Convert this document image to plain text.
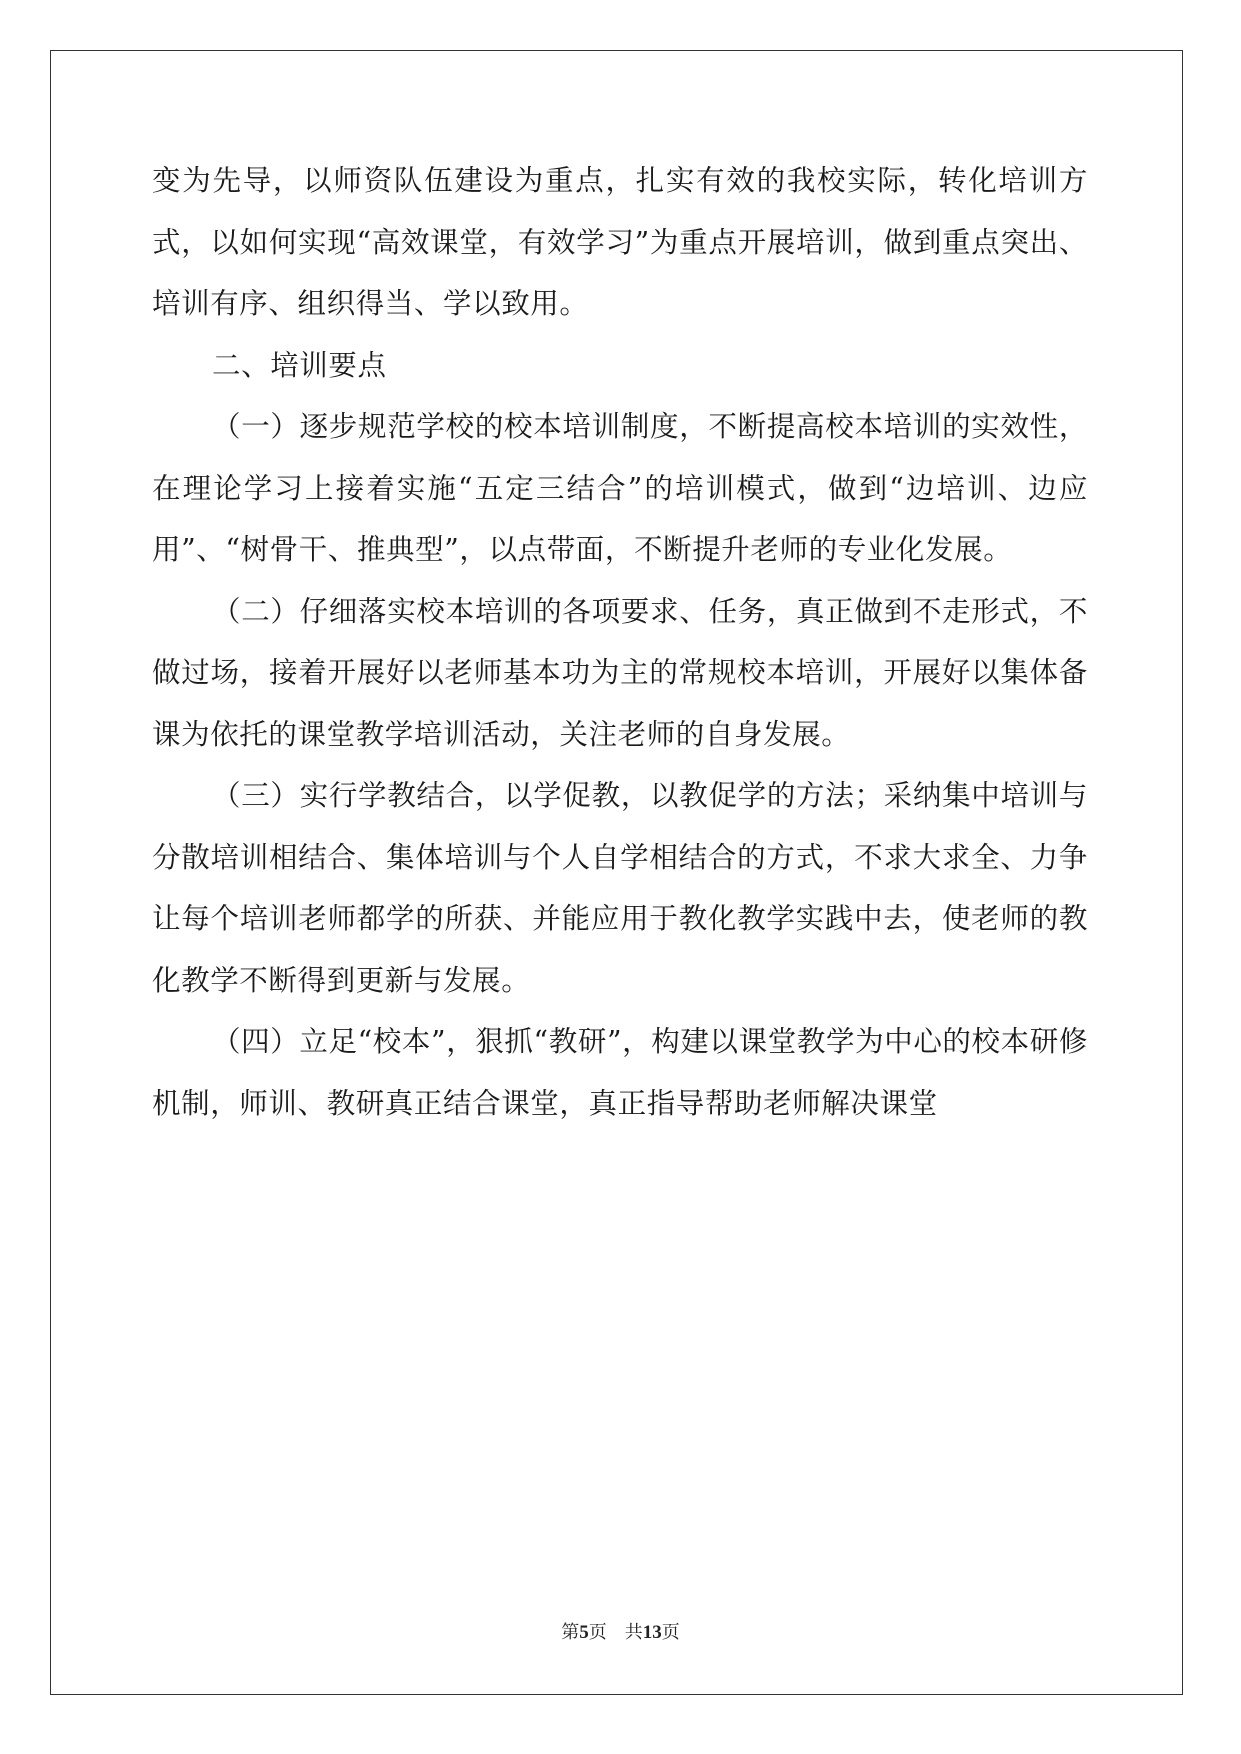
变为先导，以师资队伍建设为重点，扎实有效的我校实际，转化培训方式，以如何实现“高效课堂，有效学习”为重点开展培训，做到重点突出、培训有序、组织得当、学以致用。

二、培训要点

（一）逐步规范学校的校本培训制度，不断提高校本培训的实效性，在理论学习上接着实施“五定三结合”的培训模式，做到“边培训、边应用”、“树骨干、推典型”，以点带面，不断提升老师的专业化发展。

（二）仔细落实校本培训的各项要求、任务，真正做到不走形式，不做过场，接着开展好以老师基本功为主的常规校本培训，开展好以集体备课为依托的课堂教学培训活动，关注老师的自身发展。

（三）实行学教结合，以学促教，以教促学的方法；采纳集中培训与分散培训相结合、集体培训与个人自学相结合的方式，不求大求全、力争让每个培训老师都学的所获、并能应用于教化教学实践中去，使老师的教化教学不断得到更新与发展。

（四）立足“校本”，狠抓“教研”，构建以课堂教学为中心的校本研修机制，师训、教研真正结合课堂，真正指导帮助老师解决课堂

第5页 共13页
